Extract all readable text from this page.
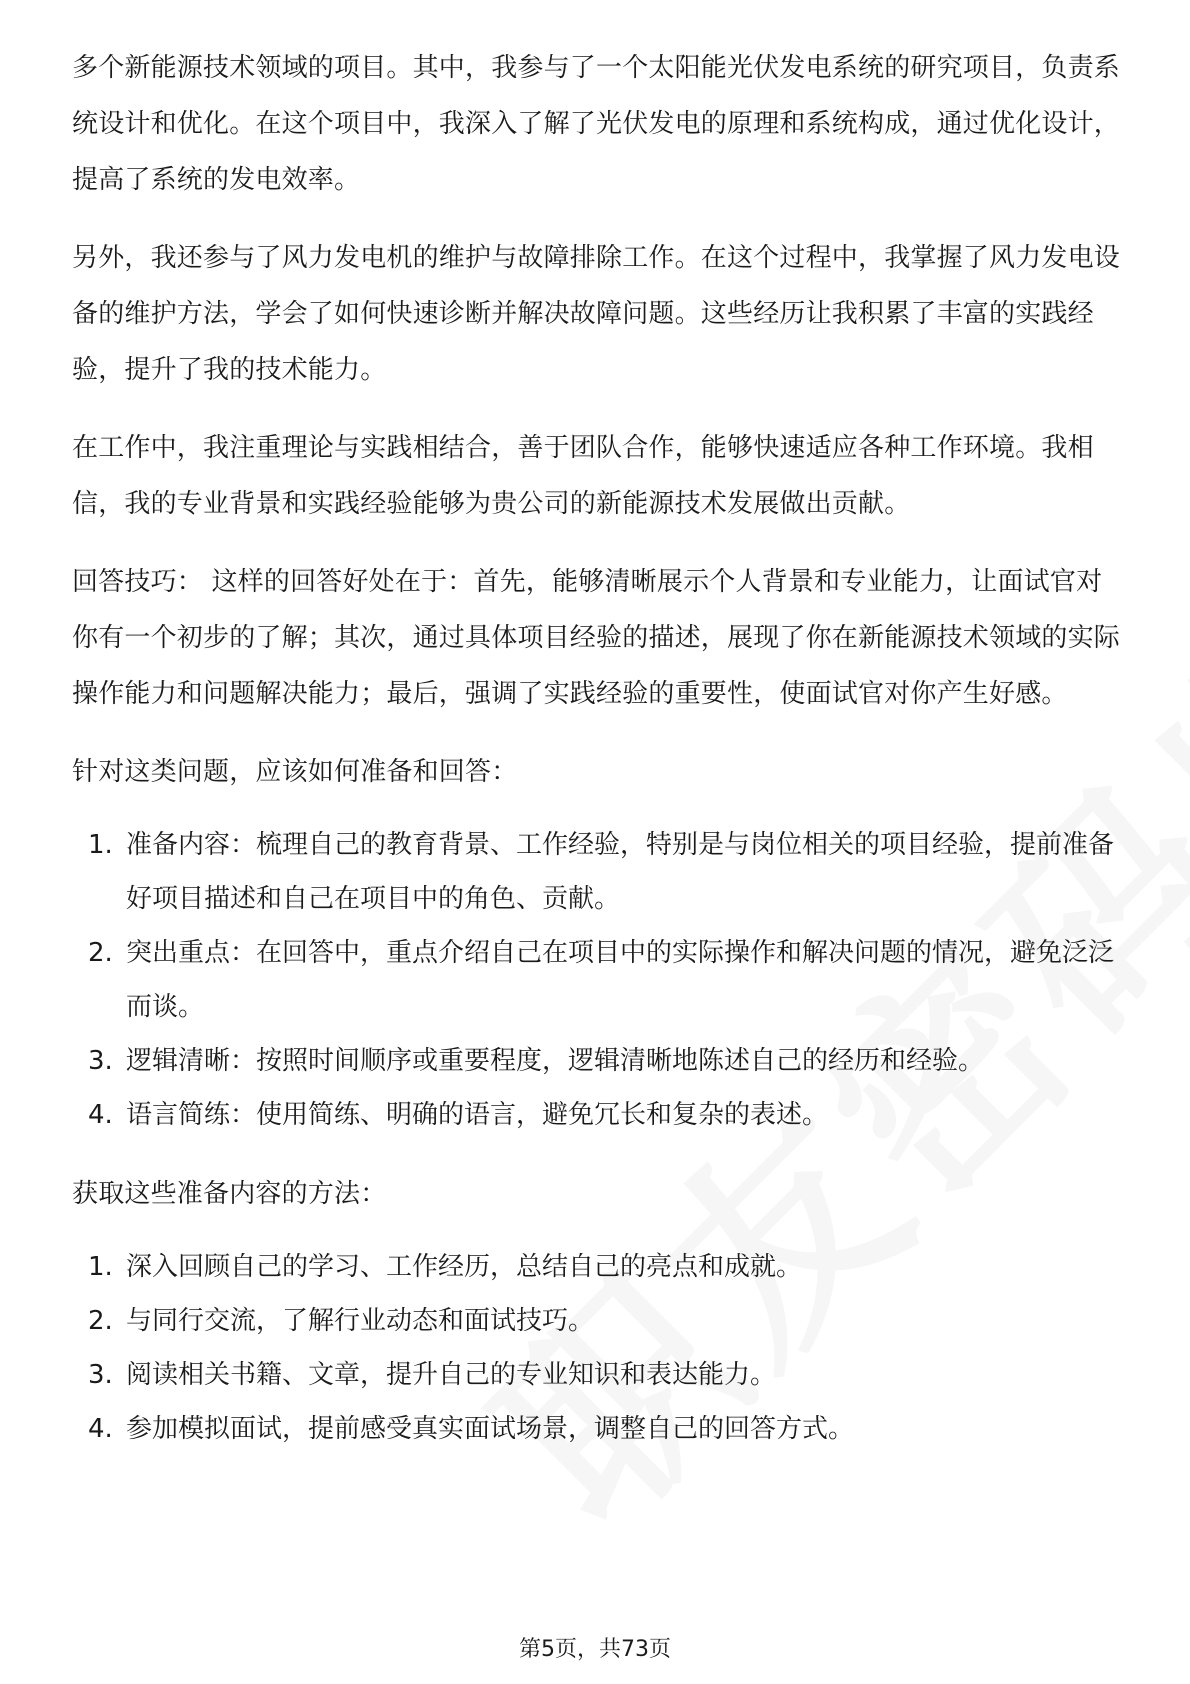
多个新能源技术领域的项目。其中，我参与了一个太阳能光伏发电系统的研究项目，负责系统设计和优化。在这个项目中，我深入了解了光伏发电的原理和系统构成，通过优化设计，提高了系统的发电效率。

另外，我还参与了风力发电机的维护与故障排除工作。在这个过程中，我掌握了风力发电设备的维护方法，学会了如何快速诊断并解决故障问题。这些经历让我积累了丰富的实践经验，提升了我的技术能力。

在工作中，我注重理论与实践相结合，善于团队合作，能够快速适应各种工作环境。我相信，我的专业背景和实践经验能够为贵公司的新能源技术发展做出贡献。

回答技巧： 这样的回答好处在于：首先，能够清晰展示个人背景和专业能力，让面试官对你有一个初步的了解；其次，通过具体项目经验的描述，展现了你在新能源技术领域的实际操作能力和问题解决能力；最后，强调了实践经验的重要性，使面试官对你产生好感。

针对这类问题，应该如何准备和回答：

1. 准备内容：梳理自己的教育背景、工作经验，特别是与岗位相关的项目经验，提前准备好项目描述和自己在项目中的角色、贡献。
2. 突出重点：在回答中，重点介绍自己在项目中的实际操作和解决问题的情况，避免泛泛而谈。
3. 逻辑清晰：按照时间顺序或重要程度，逻辑清晰地陈述自己的经历和经验。
4. 语言简练：使用简练、明确的语言，避免冗长和复杂的表述。

获取这些准备内容的方法：

1. 深入回顾自己的学习、工作经历，总结自己的亮点和成就。
2. 与同行交流，了解行业动态和面试技巧。
3. 阅读相关书籍、文章，提升自己的专业知识和表达能力。
4. 参加模拟面试，提前感受真实面试场景，调整自己的回答方式。
第5页，共73页
